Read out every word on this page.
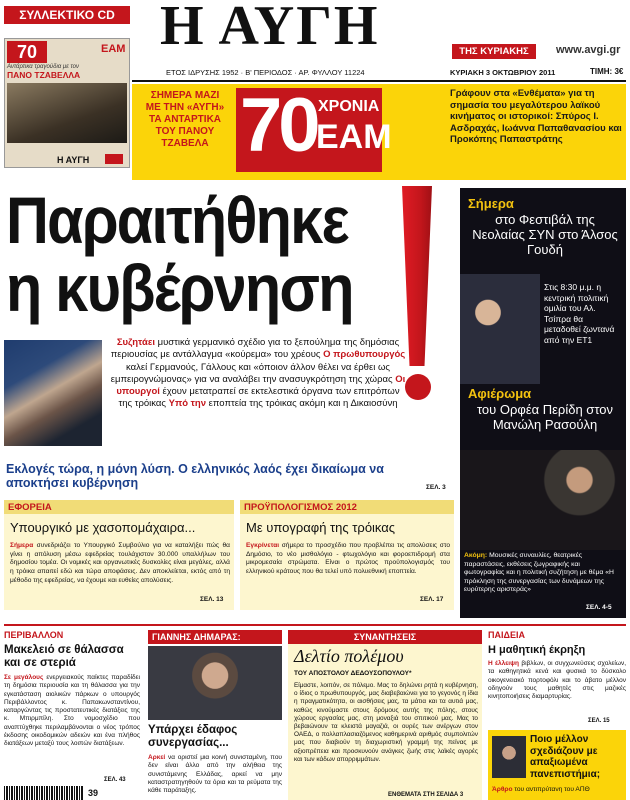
ΣΥΛΛΕΚΤΙΚΟ CD
70	ΕΑΜ
Αντάρτικα τραγούδια με τον
ΠΑΝΟ ΤΖΑΒΕΛΛΑ
Η ΑΥΓΗ
Η ΑΥΓΗ	ΤΗΣ ΚΥΡΙΑΚΗΣ	www.avgi.gr
ΕΤΟΣ ΙΔΡΥΣΗΣ 1952 · Β' ΠΕΡΙΟΔΟΣ · ΑΡ. ΦΥΛΛΟΥ 11224	ΚΥΡΙΑΚΗ 3 ΟΚΤΩΒΡΙΟΥ 2011	ΤΙΜΗ: 3€
ΣΗΜΕΡΑ ΜΑΖΙ ΜΕ ΤΗΝ «ΑΥΓΗ» ΤΑ ΑΝΤΑΡΤΙΚΑ ΤΟΥ ΠΑΝΟΥ ΤΖΑΒΕΛΑ 70 ΧΡΟΝΙΑ
ΕΑΜ
Γράφουν στα «Ενθέματα» για τη σημασία του μεγαλύτερου λαϊκού κινήματος οι ιστορικοί: Σπύρος Ι. Ασδραχάς, Ιωάννα Παπαθανασίου και Προκόπης Παπαστράτης
Παραιτήθηκε
η κυβέρνηση
Συζητάει μυστικά γερμανικό σχέδιο για το ξεπούλημα της δημόσιας περιουσίας με αντάλλαγμα «κούρεμα» του χρέους Ο πρωθυπουργός καλεί Γερμανούς, Γάλλους και «όποιον άλλον θέλει να έρθει ως εμπειρογνώμονας» για να αναλάβει την ανασυγκρότηση της χώρας Οι υπουργοί έχουν μετατραπεί σε εκτελεστικά όργανα των επιτρόπων της τρόικας Υπό την εποπτεία της τρόικας ακόμη και η Δικαιοσύνη
Εκλογές τώρα, η μόνη λύση. Ο ελληνικός λαός έχει δικαίωμα να αποκτήσει κυβέρνηση	ΣΕΛ. 3
Σήμερα
στο Φεστιβάλ της Νεολαίας ΣΥΝ στο Άλσος Γουδή
Στις 8:30 μ.μ. η κεντρική πολιτική ομιλία του Αλ. Τσίπρα θα μεταδοθεί ζωντανά από την ΕΤ1
Αφιέρωμα
του Ορφέα Περίδη στον Μανώλη Ρασούλη
Ακόμη: Μουσικές συναυλίες, θεατρικές παραστάσεις, εκθέσεις ζωγραφικής και φωτογραφίας και η πολιτική συζήτηση με θέμα «Η πρόκληση της συνεργασίας των δυνάμεων της ευρύτερης αριστεράς»
ΣΕΛ. 4-5
ΕΦΟΡΕΙΑ
Υπουργικό με χασοπομάχαιρα...
Σήμερα συνεδριάζει το Υπουργικό Συμβούλιο για να καταλήξει πώς θα γίνει η απόλυση μέσω εφεδρείας τουλάχιστον 30.000 υπαλλήλων του δημοσίου τομέα. Οι νομικές και οργανωτικές δυσκολίες είναι μεγάλες, αλλά η τρόικα απαιτεί εδώ και τώρα αποφάσεις. Δεν αποκλείεται, εκτός από τη μέθοδο της εφεδρείας, να έχουμε και ευθείες απολύσεις.
ΣΕΛ. 13
ΠΡΟΫΠΟΛΟΓΙΣΜΟΣ 2012
Με υπογραφή της τρόικας
Εγκρίνεται σήμερα το προσχέδιο που προβλέπει τις απολύσεις στο Δημόσιο, το νέο μισθολόγιο - φτωχολόγιο και φοροεπιδρομή στα μικρομεσαία στρώματα. Είναι ο πρώτος προϋπολογισμός του ελληνικού κράτους που θα τελεί υπό πολυεθνική εποπτεία.
ΣΕΛ. 17
ΠΕΡΙΒΑΛΛΟΝ
Μακελειό σε θάλασσα και σε στεριά
Σε μεγάλους ενεργειακούς παίκτες παραδίδει τη δημόσια περιουσία και τη θάλασσα για την εγκατάσταση αιολικών πάρκων ο υπουργός Περιβάλλοντος κ. Παπακωνσταντίνου, καταργώντας τις προστατευτικές διατάξεις της κ. Μπιρμπίλη. Στο νομοσχέδιο που αναπτύχθηκε περιλαμβάνονται ο νέος τρόπος έκδοσης οικοδομικών αδειών και ένα πλήθος διατάξεων μεταξύ τους λοιπών διατάξεων.
ΣΕΛ. 43
39
ΓΙΑΝΝΗΣ ΔΗΜΑΡΑΣ:
Υπάρχει έδαφος συνεργασίας...
Αρκεί να οριστεί μια κοινή συνισταμένη, που δεν είναι άλλο από την αλήθεια της συνιστάμενης Ελλάδας, αρκεί να μην καταστρατηγηθούν τα όρια και τα ρεύματα της κάθε παράταξης.
ΣΥΝΑΝΤΗΣΕΙΣ
Δελτίο πολέμου
ΤΟΥ ΑΠΟΣΤΟΛΟΥ ΔΕΔΟΥΣΟΠΟΥΛΟΥ*
Είμαστε, λοιπόν, σε πόλεμο. Μας το δηλώνει ρητά η κυβέρνηση, ο ίδιος ο πρωθυπουργός, μας διαβεβαιώνει για το γεγονός η ίδια η πραγματικότητα, οι αισθήσεις μας, τα μάτια και τα αυτιά μας, καθώς κινούμαστε στους δρόμους αυτής της πόλης, στους χώρους εργασίας μας, στη μοναξιά του σπιτικού μας. Μας το βεβαιώνουν τα κλειστά μαγαζιά, οι ουρές των ανέργων στον ΟΑΕΔ, ο πολλαπλασιαζόμενος καθημερινά αριθμός συμπολιτών μας που διαβιούν τη διαχωριστική γραμμή της πείνας με αξιοπρέπεια και προσκυνούν ανάγκες ζωής στις λαϊκές αγορές και των κάδων απορριμμάτων.
ΕΝΘΕΜΑΤΑ ΣΤΗ ΣΕΛΙΔΑ 3
ΠΑΙΔΕΙΑ
Η μαθητική έκρηξη
Η έλλειψη βιβλίων, οι συγχωνεύσεις σχολείων, τα καθηγητικά κενά και φυσικά το δύσκολο οικογενειακό πορτοφόλι και το άβατο μέλλον οδηγούν τους μαθητές στις μαζικές κινητοποιήσεις διαμαρτυρίας.
ΣΕΛ. 15
Ποιο μέλλον σχεδιάζουν με απαξιωμένα πανεπιστήμια;
Άρθρο του αντιπρύτανη του ΑΠΘ
